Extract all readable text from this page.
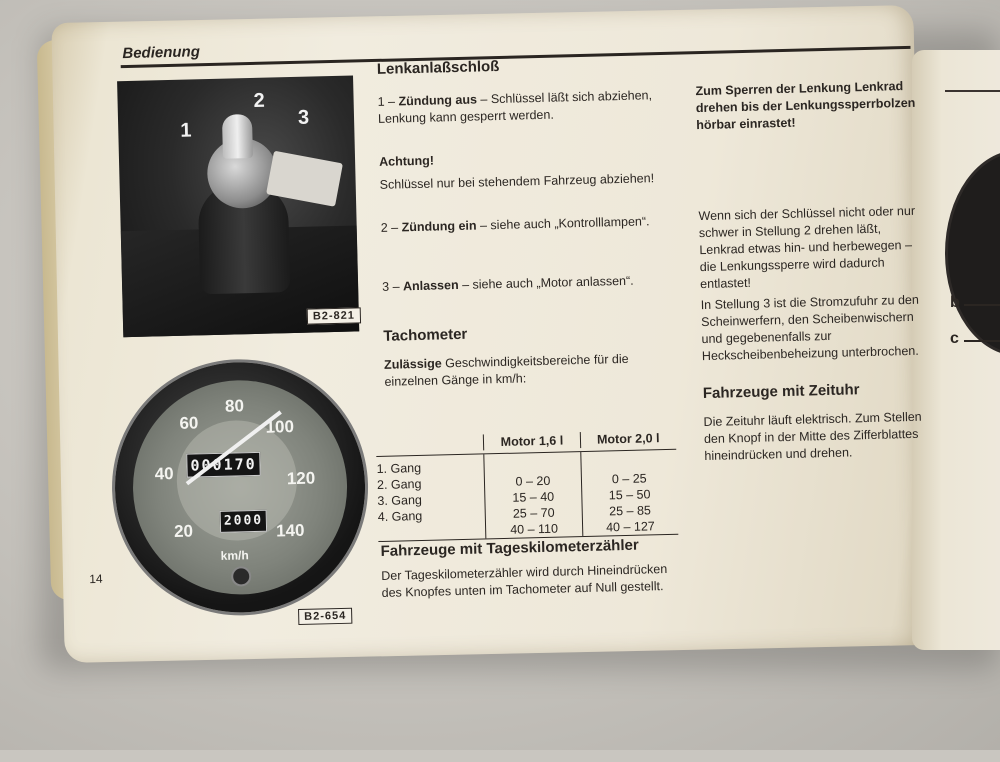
b
c
Bedienung
1
2
3
B2-821
20
40
60
80
100
120
140
000170
2000
km/h
B2-654
14
Lenkanlaßschloß

1 – Zündung aus – Schlüssel läßt sich abziehen, Lenkung kann gesperrt werden.

Achtung!

Schlüssel nur bei stehendem Fahrzeug abziehen!

2 – Zündung ein – siehe auch „Kontrolllampen“.

3 – Anlassen – siehe auch „Motor anlassen“.

Tachometer

Zulässige Geschwindigkeitsbereiche für die einzelnen Gänge in km/h:

Motor 1,6 l	Motor 2,0 l
1. Gang
2. Gang
3. Gang
4. Gang
0 – 20
15 – 40
25 – 70
40 – 110
0 – 25
15 – 50
25 – 85
40 – 127
Fahrzeuge mit Tageskilometerzähler

Der Tageskilometerzähler wird durch Hineindrücken des Knopfes unten im Tachometer auf Null gestellt.

Zum Sperren der Lenkung Lenkrad drehen bis der Lenkungssperrbolzen hörbar einrastet!

Wenn sich der Schlüssel nicht oder nur schwer in Stellung 2 drehen läßt, Lenkrad etwas hin- und herbewegen – die Lenkungssperre wird dadurch entlastet!

In Stellung 3 ist die Stromzufuhr zu den Scheinwerfern, den Scheibenwischern und gegebenenfalls zur Heckscheibenbeheizung unterbrochen.

Fahrzeuge mit Zeituhr

Die Zeituhr läuft elektrisch. Zum Stellen den Knopf in der Mitte des Zifferblattes hineindrücken und drehen.
